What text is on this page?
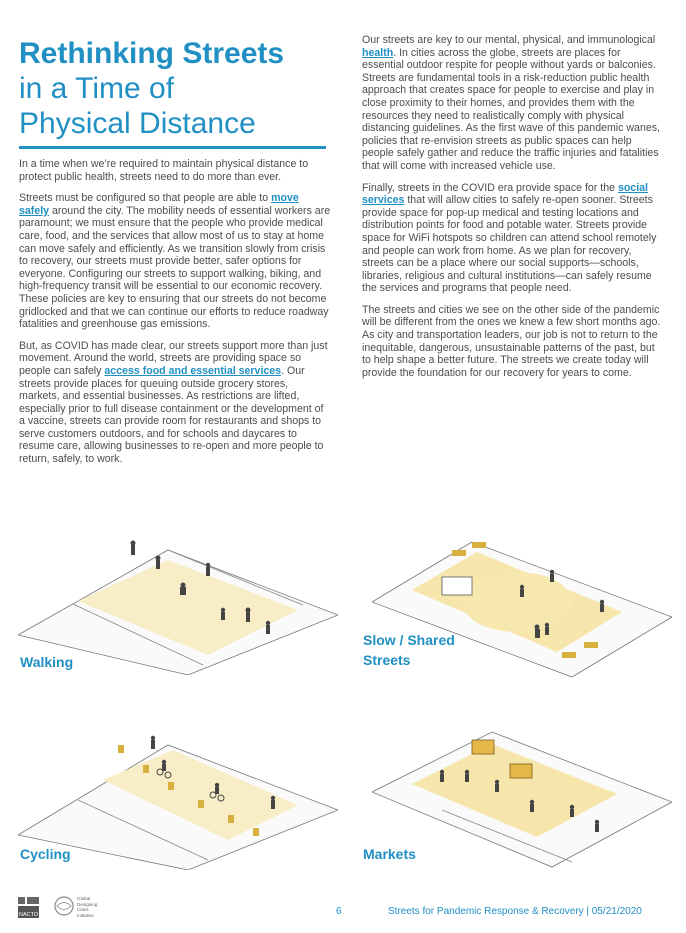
Rethinking Streets
in a Time of
Physical Distance

In a time when we’re required to maintain physical distance to protect public health, streets need to do more than ever.

Streets must be configured so that people are able to move safely around the city. The mobility needs of essential workers are paramount; we must ensure that the people who provide medical care, food, and the services that allow most of us to stay at home can move safely and efficiently. As we transition slowly from crisis to recovery, our streets must provide better, safer options for everyone. Configuring our streets to support walking, biking, and high-frequency transit will be essential to our economic recovery. These policies are key to ensuring that our streets do not become gridlocked and that we can continue our efforts to reduce roadway fatalities and greenhouse gas emissions.

But, as COVID has made clear, our streets support more than just movement. Around the world, streets are providing space so people can safely access food and essential services. Our streets provide places for queuing outside grocery stores, markets, and essential businesses. As restrictions are lifted, especially prior to full disease containment or the development of a vaccine, streets can provide room for restaurants and shops to serve customers outdoors, and for schools and daycares to resume care, allowing businesses to re-open and more people to return, safely, to work.

Our streets are key to our mental, physical, and immunological health. In cities across the globe, streets are places for essential outdoor respite for people without yards or balconies. Streets are fundamental tools in a risk-reduction public health approach that creates space for people to exercise and play in close proximity to their homes, and provides them with the resources they need to realistically comply with physical distancing guidelines. As the first wave of this pandemic wanes, policies that re-envision streets as public spaces can help people safely gather and reduce the traffic injuries and fatalities that will come with increased vehicle use.

Finally, streets in the COVID era provide space for the social services that will allow cities to safely re-open sooner. Streets provide space for pop-up medical and testing locations and distribution points for food and potable water. Streets provide space for WiFi hotspots so children can attend school remotely and people can work from home. As we plan for recovery, streets can be a place where our social supports—schools, libraries, religious and cultural institutions—can safely resume the services and programs that people need.

The streets and cities we see on the other side of the pandemic will be different from the ones we knew a few short months ago. As city and transportation leaders, our job is not to return to the inequitable, dangerous, unsustainable patterns of the past, but to help shape a better future. The streets we create today will provide the foundation for our recovery for years to come.

Walking
Slow / Shared
Streets
Cycling	Markets
NACTO
Global Designing Cities Initiative	6	Streets for Pandemic Response & Recovery | 05/21/2020
